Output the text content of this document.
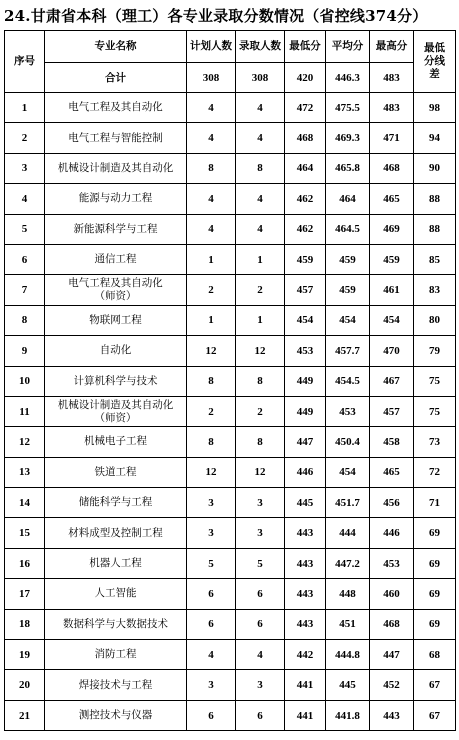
24.甘肃省本科（理工）各专业录取分数情况（省控线374分）
序号	专业名称	计划人数	录取人数	最低分	平均分	最高分	最低分线差
	合计	308	308	420	446.3	483	
1	电气工程及其自动化	4	4	472	475.5	483	98
2	电气工程与智能控制	4	4	468	469.3	471	94
3	机械设计制造及其自动化	8	8	464	465.8	468	90
4	能源与动力工程	4	4	462	464	465	88
5	新能源科学与工程	4	4	462	464.5	469	88
6	通信工程	1	1	459	459	459	85
7	电气工程及其自动化
（师资）	2	2	457	459	461	83
8	物联网工程	1	1	454	454	454	80
9	自动化	12	12	453	457.7	470	79
10	计算机科学与技术	8	8	449	454.5	467	75
11	机械设计制造及其自动化
（师资）	2	2	449	453	457	75
12	机械电子工程	8	8	447	450.4	458	73
13	铁道工程	12	12	446	454	465	72
14	储能科学与工程	3	3	445	451.7	456	71
15	材料成型及控制工程	3	3	443	444	446	69
16	机器人工程	5	5	443	447.2	453	69
17	人工智能	6	6	443	448	460	69
18	数据科学与大数据技术	6	6	443	451	468	69
19	消防工程	4	4	442	444.8	447	68
20	焊接技术与工程	3	3	441	445	452	67
21	测控技术与仪器	6	6	441	441.8	443	67
